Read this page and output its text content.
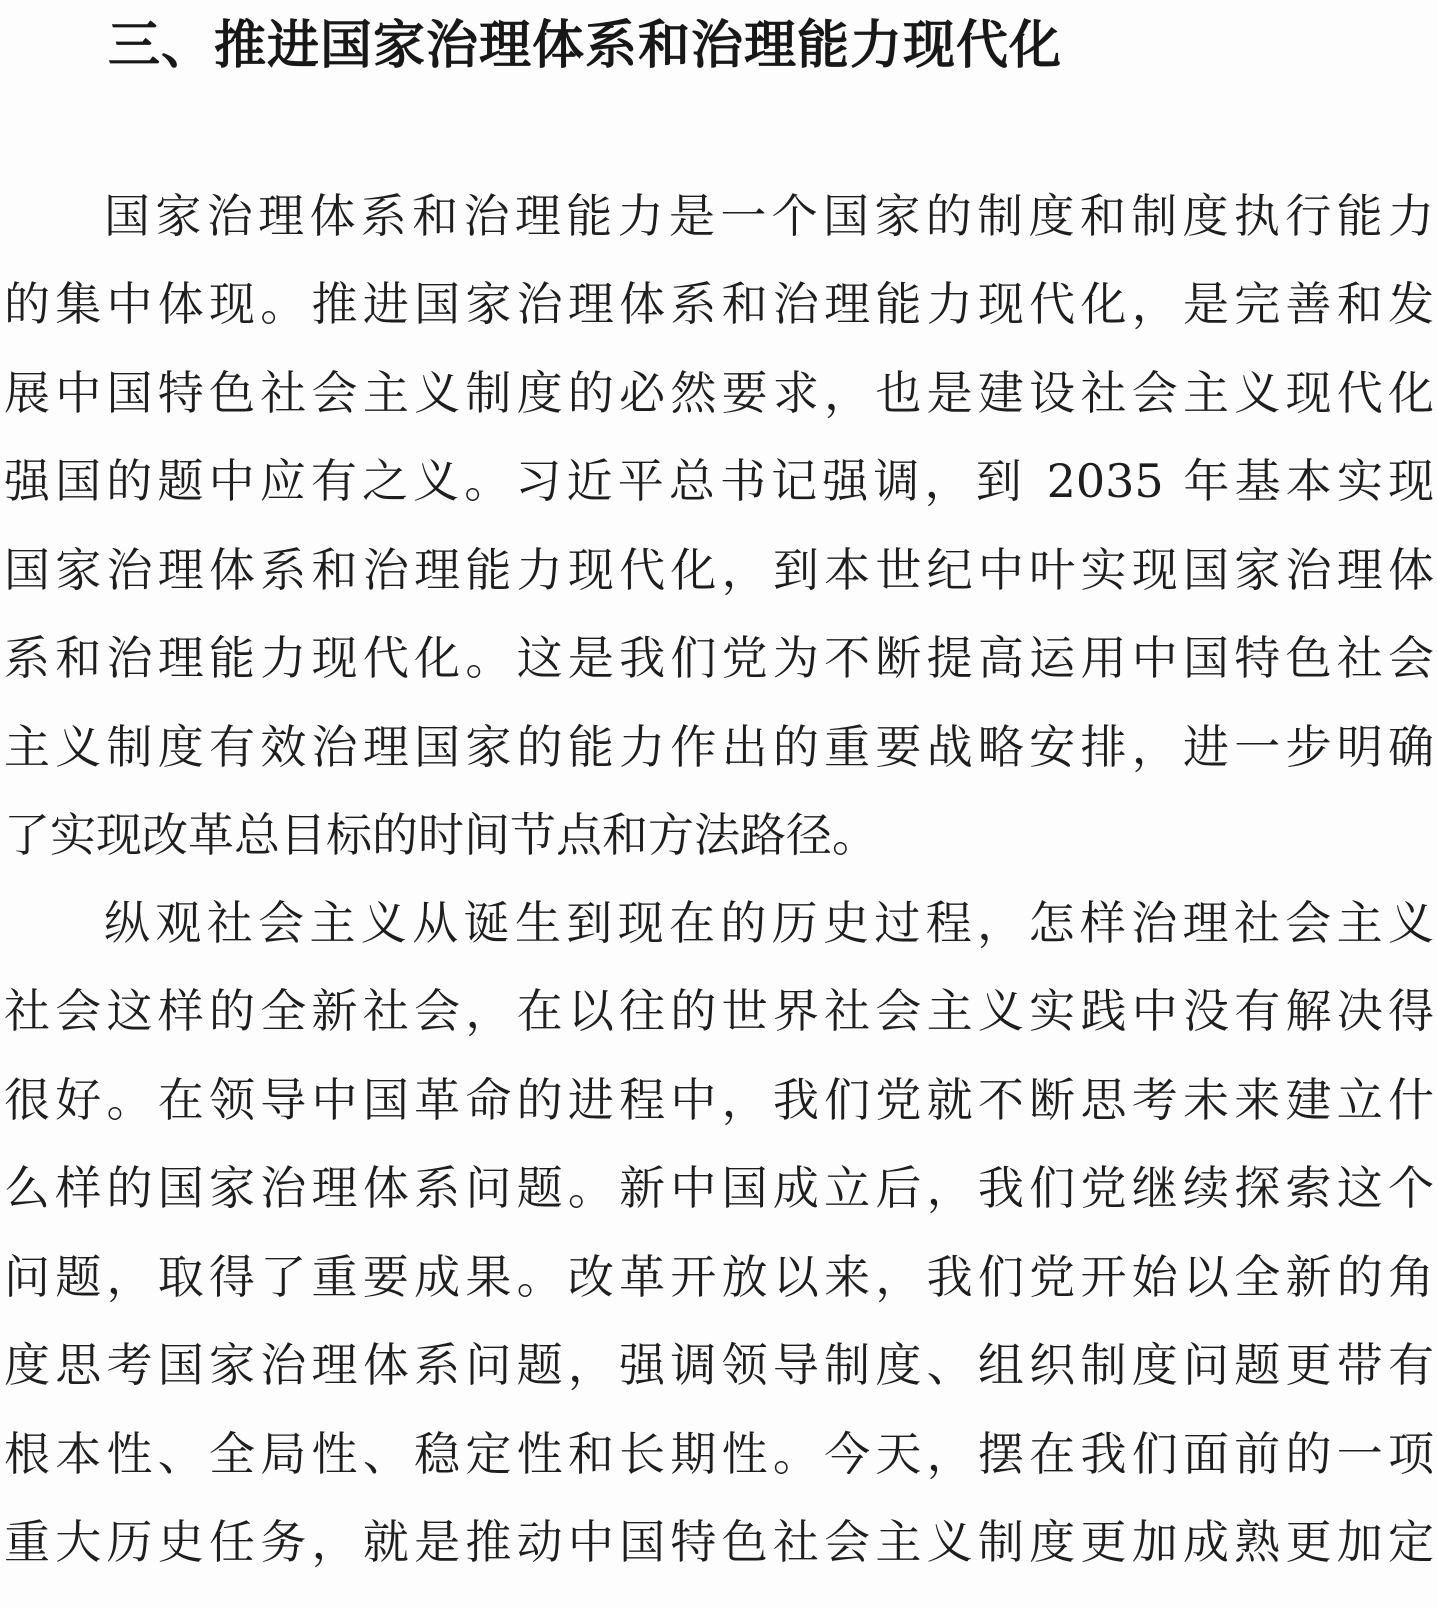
三、推进国家治理体系和治理能力现代化

国家治理体系和治理能力是一个国家的制度和制度执行能力

的集中体现。推进国家治理体系和治理能力现代化，是完善和发

展中国特色社会主义制度的必然要求，也是建设社会主义现代化

强国的题中应有之义。习近平总书记强调，到 2035 年基本实现

国家治理体系和治理能力现代化，到本世纪中叶实现国家治理体

系和治理能力现代化。这是我们党为不断提高运用中国特色社会

主义制度有效治理国家的能力作出的重要战略安排，进一步明确

了实现改革总目标的时间节点和方法路径。

纵观社会主义从诞生到现在的历史过程，怎样治理社会主义

社会这样的全新社会，在以往的世界社会主义实践中没有解决得

很好。在领导中国革命的进程中，我们党就不断思考未来建立什

么样的国家治理体系问题。新中国成立后，我们党继续探索这个

问题，取得了重要成果。改革开放以来，我们党开始以全新的角

度思考国家治理体系问题，强调领导制度、组织制度问题更带有

根本性、全局性、稳定性和长期性。今天，摆在我们面前的一项

重大历史任务，就是推动中国特色社会主义制度更加成熟更加定
